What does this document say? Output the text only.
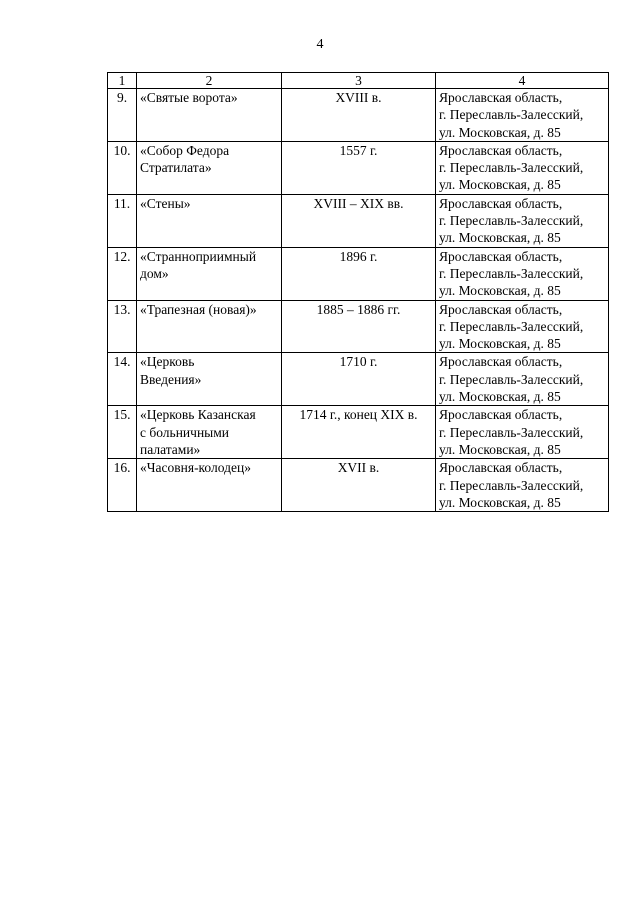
4
1	2	3	4
9.	«Святые ворота»	XVIII в.	Ярославская область,
г. Переславль-Залесский,
ул. Московская, д. 85

10.	«Собор Федора
Стратилата»	1557 г.	Ярославская область,
г. Переславль-Залесский,
ул. Московская, д. 85

11.	«Стены»	XVIII – XIX вв.	Ярославская область,
г. Переславль-Залесский,
ул. Московская, д. 85

12.	«Страннoприимный
дом»	1896 г.	Ярославская область,
г. Переславль-Залесский,
ул. Московская, д. 85

13.	«Трапезная (новая)»	1885 – 1886 гг.	Ярославская область,
г. Переславль-Залесский,
ул. Московская, д. 85

14.	«Церковь
Введения»	1710 г.	Ярославская область,
г. Переславль-Залесский,
ул. Московская, д. 85

15.	«Церковь Казанская
с больничными
палатами»	1714 г., конец XIX в.	Ярославская область,
г. Переславль-Залесский,
ул. Московская, д. 85

16.	«Часовня-колодец»	XVII в.	Ярославская область,
г. Переславль-Залесский,
ул. Московская, д. 85
